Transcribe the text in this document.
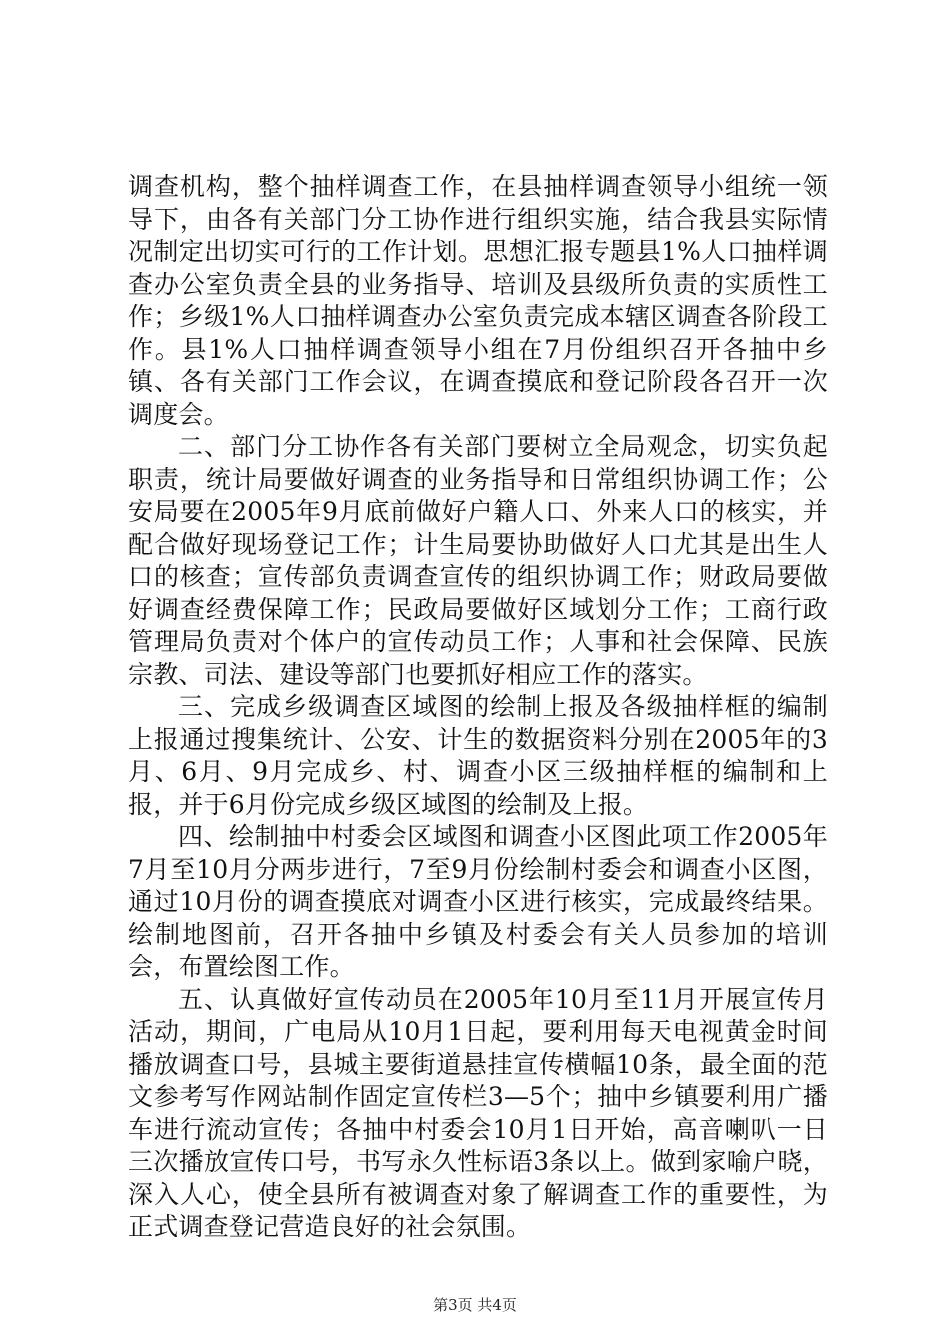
调查机构，整个抽样调查工作，在县抽样调查领导小组统一领导下，由各有关部门分工协作进行组织实施，结合我县实际情况制定出切实可行的工作计划。思想汇报专题县1%人口抽样调查办公室负责全县的业务指导、培训及县级所负责的实质性工作；乡级1%人口抽样调查办公室负责完成本辖区调查各阶段工作。县1%人口抽样调查领导小组在7月份组织召开各抽中乡镇、各有关部门工作会议，在调查摸底和登记阶段各召开一次调度会。

二、部门分工协作各有关部门要树立全局观念，切实负起职责，统计局要做好调查的业务指导和日常组织协调工作；公安局要在2005年9月底前做好户籍人口、外来人口的核实，并配合做好现场登记工作；计生局要协助做好人口尤其是出生人口的核查；宣传部负责调查宣传的组织协调工作；财政局要做好调查经费保障工作；民政局要做好区域划分工作；工商行政管理局负责对个体户的宣传动员工作；人事和社会保障、民族宗教、司法、建设等部门也要抓好相应工作的落实。

三、完成乡级调查区域图的绘制上报及各级抽样框的编制上报通过搜集统计、公安、计生的数据资料分别在2005年的3月、6月、9月完成乡、村、调查小区三级抽样框的编制和上报，并于6月份完成乡级区域图的绘制及上报。

四、绘制抽中村委会区域图和调查小区图此项工作2005年7月至10月分两步进行，7至9月份绘制村委会和调查小区图，通过10月份的调查摸底对调查小区进行核实，完成最终结果。绘制地图前，召开各抽中乡镇及村委会有关人员参加的培训会，布置绘图工作。

五、认真做好宣传动员在2005年10月至11月开展宣传月活动，期间，广电局从10月1日起，要利用每天电视黄金时间播放调查口号，县城主要街道悬挂宣传横幅10条，最全面的范文参考写作网站制作固定宣传栏3—5个；抽中乡镇要利用广播车进行流动宣传；各抽中村委会10月1日开始，高音喇叭一日三次播放宣传口号，书写永久性标语3条以上。做到家喻户晓，深入人心，使全县所有被调查对象了解调查工作的重要性，为正式调查登记营造良好的社会氛围。

第3页 共4页
